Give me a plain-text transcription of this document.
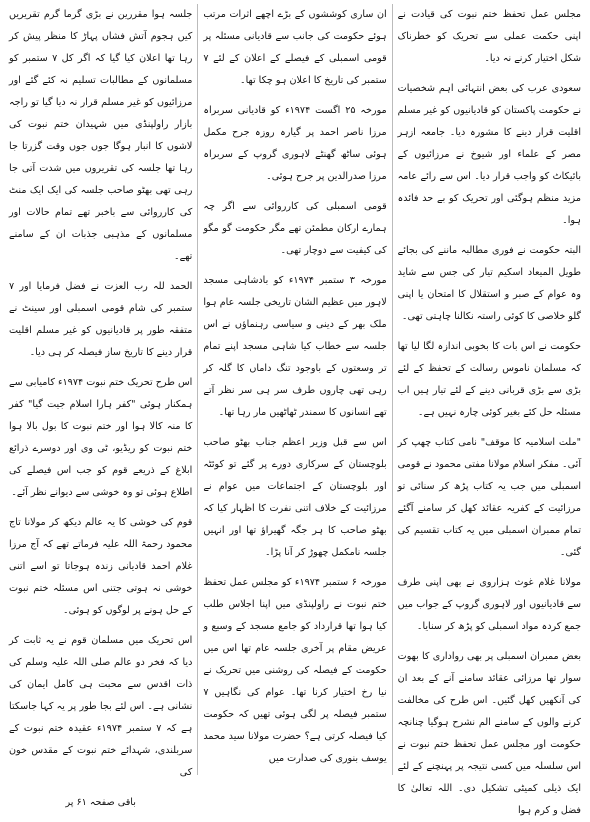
مجلس عمل تحفظ ختم نبوت کی قیادت نے اپنی حکمت عملی سے تحریک کو خطرناک شکل اختیار کرنے نہ دیا۔

سعودی عرب کی بعض انتہائی اہم شخصیات نے حکومت پاکستان کو قادیانیوں کو غیر مسلم اقلیت قرار دینے کا مشورہ دیا۔ جامعہ ازہر مصر کے علماء اور شیوخ نے مرزائیوں کے بائیکاٹ کو واجب قرار دیا۔ اس سے رائے عامہ مزید منظم ہوگئی اور تحریک کو بے حد فائدہ ہوا۔

البتہ حکومت نے فوری مطالبہ ماننے کی بجائے طویل المیعاد اسکیم تیار کی جس سے شاید وہ عوام کے صبر و استقلال کا امتحان یا اپنی گلو خلاصی کا کوئی راستہ نکالنا چاہتی تھی۔

حکومت نے اس بات کا بخوبی اندازہ لگا لیا تھا کہ مسلمان ناموس رسالت کے تحفظ کے لئے بڑی سے بڑی قربانی دینے کے لئے تیار ہیں اب مسئلہ حل کئے بغیر کوئی چارہ نہیں ہے۔

"ملت اسلامیہ کا موقف" نامی کتاب چھپ کر آئی۔ مفکر اسلام مولانا مفتی محمود نے قومی اسمبلی میں جب یہ کتاب پڑھ کر سنائی تو مرزائیت کے کفریہ عقائد کھل کر سامنے آگئے تمام ممبران اسمبلی میں یہ کتاب تقسیم کی گئی۔

مولانا غلام غوث ہزاروی نے بھی اپنی طرف سے قادیانیوں اور لاہوری گروپ کے جواب میں جمع کردہ مواد اسمبلی کو پڑھ کر سنایا۔

بعض ممبران اسمبلی پر بھی رواداری کا بھوت سوار تھا مرزائی عقائد سامنے آنے کے بعد ان کی آنکھیں کھل گئیں۔ اس طرح کی مخالفت کرنے والوں کے سامنے الم نشرح ہوگیا چنانچہ حکومت اور مجلس عمل تحفظ ختم نبوت نے اس سلسلہ میں کسی نتیجہ پر پہنچنے کے لئے ایک ذیلی کمیٹی تشکیل دی۔ اللہ تعالیٰ کا فضل و کرم ہوا

ان ساری کوششوں کے بڑے اچھے اثرات مرتب ہوئے حکومت کی جانب سے قادیانی مسئلہ پر قومی اسمبلی کے فیصلے کے اعلان کے لئے ۷ ستمبر کی تاریخ کا اعلان ہو چکا تھا۔

مورخہ ۲۵ اگست ۱۹۷۴ء کو قادیانی سربراہ مرزا ناصر احمد پر گیارہ روزہ جرح مکمل ہوئی ساٹھ گھنٹے لاہوری گروپ کے سربراہ مرزا صدرالدین پر جرح ہوئی۔

قومی اسمبلی کی کارروائی سے اگر چہ ہمارے ارکان مطمئن تھے مگر حکومت گو مگو کی کیفیت سے دوچار تھی۔

مورخہ ۳ ستمبر ۱۹۷۴ء کو بادشاہی مسجد لاہور میں عظیم الشان تاریخی جلسہ عام ہوا ملک بھر کے دینی و سیاسی رہنماؤں نے اس جلسہ سے خطاب کیا شاہی مسجد اپنے تمام تر وسعتوں کے باوجود تنگ داماں کا گلہ کر رہی تھی چاروں طرف سر ہی سر نظر آتے تھے انسانوں کا سمندر ٹھاٹھیں مار رہا تھا۔

اس سے قبل وزیر اعظم جناب بھٹو صاحب بلوچستان کے سرکاری دورے پر گئے تو کوئٹہ اور بلوچستان کے اجتماعات میں عوام نے مرزائیت کے خلاف اتنی نفرت کا اظہار کیا کہ بھٹو صاحب کا ہر جگہ گھیراؤ تھا اور انہیں جلسہ نامکمل چھوڑ کر آنا پڑا۔

مورخہ ۶ ستمبر ۱۹۷۴ء کو مجلس عمل تحفظ ختم نبوت نے راولپنڈی میں اپنا اجلاس طلب کیا ہوا تھا قرارداد کو جامع مسجد کے وسیع و عریض مقام پر آخری جلسہ عام تھا اس میں حکومت کے فیصلہ کی روشنی میں تحریک نے نیا رخ اختیار کرنا تھا۔ عوام کی نگاہیں ۷ ستمبر فیصلہ پر لگی ہوئی تھیں کہ حکومت کیا فیصلہ کرتی ہے؟ حضرت مولانا سید محمد یوسف بنوری کی صدارت میں

جلسہ ہوا مقررین نے بڑی گرما گرم تقریریں کیں ہجوم آتش فشاں پہاڑ کا منظر پیش کر رہا تھا اعلان کیا گیا کہ اگر کل ۷ ستمبر کو مسلمانوں کے مطالبات تسلیم نہ کئے گئے اور مرزائیوں کو غیر مسلم قرار نہ دیا گیا تو راجہ بازار راولپنڈی میں شہیدان ختم نبوت کی لاشوں کا انبار ہوگا جوں جوں وقت گزرتا جا رہا تھا جلسہ کی تقریروں میں شدت آتی جا رہی تھی بھٹو صاحب جلسہ کی ایک ایک منٹ کی کارروائی سے باخبر تھے تمام حالات اور مسلمانوں کے مذہبی جذبات ان کے سامنے تھے۔

الحمد للہ رب العزت نے فضل فرمایا اور ۷ ستمبر کی شام قومی اسمبلی اور سینٹ نے متفقہ طور پر قادیانیوں کو غیر مسلم اقلیت قرار دینے کا تاریخ ساز فیصلہ کر ہی دیا۔

اس طرح تحریک ختم نبوت ۱۹۷۴ء کامیابی سے ہمکنار ہوئی "کفر ہارا اسلام جیت گیا" کفر کا منہ کالا ہوا اور ختم نبوت کا بول بالا ہوا ختم نبوت کو ریڈیو، ٹی وی اور دوسرے ذرائع ابلاغ کے ذریعے قوم کو جب اس فیصلے کی اطلاع ہوئی تو وہ خوشی سے دیوانے نظر آئے۔

قوم کی خوشی کا یہ عالم دیکھ کر مولانا تاج محمود رحمۃ اللہ علیہ فرماتے تھے کہ آج مرزا غلام احمد قادیانی زندہ ہوجاتا تو اسے اتنی خوشی نہ ہوتی جتنی اس مسئلہ ختم نبوت کے حل ہونے پر لوگوں کو ہوئی۔

اس تحریک میں مسلمان قوم نے یہ ثابت کر دیا کہ فخر دو عالم صلی اللہ علیہ وسلم کی ذات اقدس سے محبت ہی کامل ایمان کی نشانی ہے۔ اس لئے بجا طور پر یہ کہا جاسکتا ہے کہ ۷ ستمبر ۱۹۷۴ء عقیدہ ختم نبوت کے سربلندی، شہدائے ختم نبوت کے مقدس خون کی

باقی صفحہ ۶۱ پر
